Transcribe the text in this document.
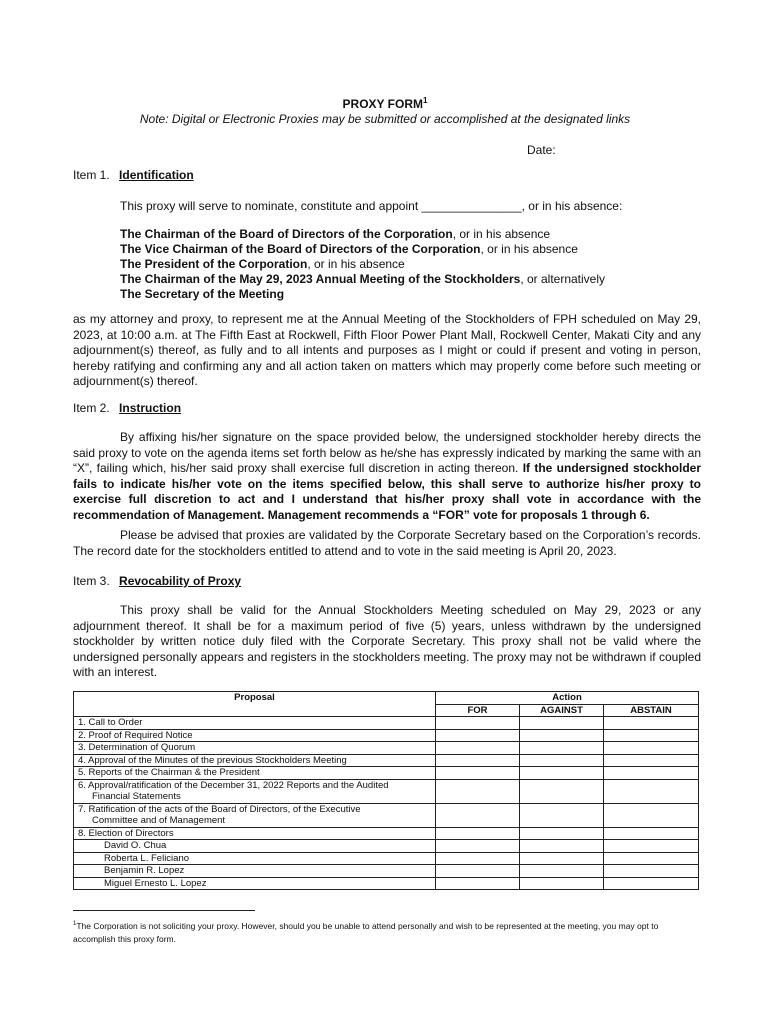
PROXY FORM$^1$
Note: Digital or Electronic Proxies may be submitted or accomplished at the designated links
Date:
Item 1. Identification
This proxy will serve to nominate, constitute and appoint _______________, or in his absence:
The Chairman of the Board of Directors of the Corporation, or in his absence
The Vice Chairman of the Board of Directors of the Corporation, or in his absence
The President of the Corporation, or in his absence
The Chairman of the May 29, 2023 Annual Meeting of the Stockholders, or alternatively
The Secretary of the Meeting
as my attorney and proxy, to represent me at the Annual Meeting of the Stockholders of FPH scheduled on May 29, 2023, at 10:00 a.m. at The Fifth East at Rockwell, Fifth Floor Power Plant Mall, Rockwell Center, Makati City and any adjournment(s) thereof, as fully and to all intents and purposes as I might or could if present and voting in person, hereby ratifying and confirming any and all action taken on matters which may properly come before such meeting or adjournment(s) thereof.
Item 2. Instruction
By affixing his/her signature on the space provided below, the undersigned stockholder hereby directs the said proxy to vote on the agenda items set forth below as he/she has expressly indicated by marking the same with an “X”, failing which, his/her said proxy shall exercise full discretion in acting thereon. If the undersigned stockholder fails to indicate his/her vote on the items specified below, this shall serve to authorize his/her proxy to exercise full discretion to act and I understand that his/her proxy shall vote in accordance with the recommendation of Management. Management recommends a “FOR” vote for proposals 1 through 6.
Please be advised that proxies are validated by the Corporate Secretary based on the Corporation’s records. The record date for the stockholders entitled to attend and to vote in the said meeting is April 20, 2023.
Item 3. Revocability of Proxy
This proxy shall be valid for the Annual Stockholders Meeting scheduled on May 29, 2023 or any adjournment thereof. It shall be for a maximum period of five (5) years, unless withdrawn by the undersigned stockholder by written notice duly filed with the Corporate Secretary. This proxy shall not be valid where the undersigned personally appears and registers in the stockholders meeting. The proxy may not be withdrawn if coupled with an interest.
Proposal	Action		
	FOR	AGAINST	ABSTAIN
1. Call to Order			
2. Proof of Required Notice			
3. Determination of Quorum			
4. Approval of the Minutes of the previous Stockholders Meeting			
5. Reports of the Chairman & the President			
6. Approval/ratification of the December 31, 2022 Reports and the Audited
Financial Statements			

7. Ratification of the acts of the Board of Directors, of the Executive
Committee and of Management			

8. Election of Directors			
David O. Chua			
Roberta L. Feliciano			
Benjamin R. Lopez			
Miguel Ernesto L. Lopez			
$^1$The Corporation is not soliciting your proxy. However, should you be unable to attend personally and wish to be represented at the meeting, you may opt to accomplish this proxy form.
